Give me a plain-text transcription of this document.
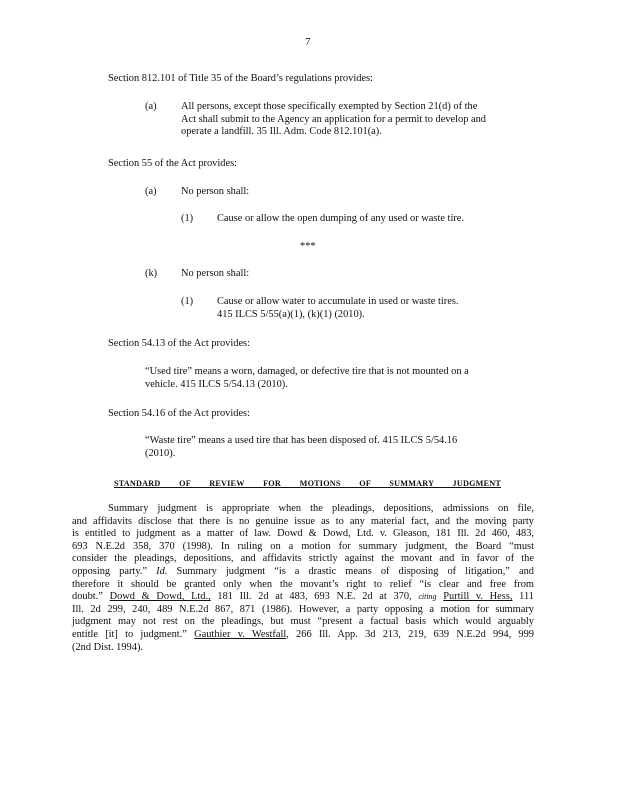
7

Section 812.101 of Title 35 of the Board’s regulations provides:

(a) All persons, except those specifically exempted by Section 21(d) of the
Act shall submit to the Agency an application for a permit to develop and
operate a landfill. 35 Ill. Adm. Code 812.101(a).

Section 55 of the Act provides:

(a) No person shall:
(1) Cause or allow the open dumping of any used or waste tire.
***
(k) No person shall:
(1) Cause or allow water to accumulate in used or waste tires.
415 ILCS 5/55(a)(1), (k)(1) (2010).

Section 54.13 of the Act provides:

“Used tire” means a worn, damaged, or defective tire that is not mounted on a
vehicle. 415 ILCS 5/54.13 (2010).

Section 54.16 of the Act provides:

“Waste tire” means a used tire that has been disposed of. 415 ILCS 5/54.16
(2010).
STANDARD OF REVIEW FOR MOTIONS OF SUMMARY JUDGMENT
Summary judgment is appropriate when the pleadings, depositions, admissions on file,
and affidavits disclose that there is no genuine issue as to any material fact, and the moving party
is entitled to judgment as a matter of law. Dowd & Dowd, Ltd. v. Gleason, 181 Ill. 2d 460, 483,
693 N.E.2d 358, 370 (1998). In ruling on a motion for summary judgment, the Board “must
consider the pleadings, depositions, and affidavits strictly against the movant and in favor of the
opposing party.” Id. Summary judgment “is a drastic means of disposing of litigation,” and
therefore it should be granted only when the movant’s right to relief “is clear and free from
doubt.” Dowd & Dowd, Ltd., 181 Ill. 2d at 483, 693 N.E. 2d at 370, citing Purtill v. Hess, 111
Ill. 2d 299, 240, 489 N.E.2d 867, 871 (1986). However, a party opposing a motion for summary
judgment may not rest on the pleadings, but must “present a factual basis which would arguably
entitle [it] to judgment.” Gauthier v. Westfall, 266 Ill. App. 3d 213, 219, 639 N.E.2d 994, 999
(2nd Dist. 1994).
